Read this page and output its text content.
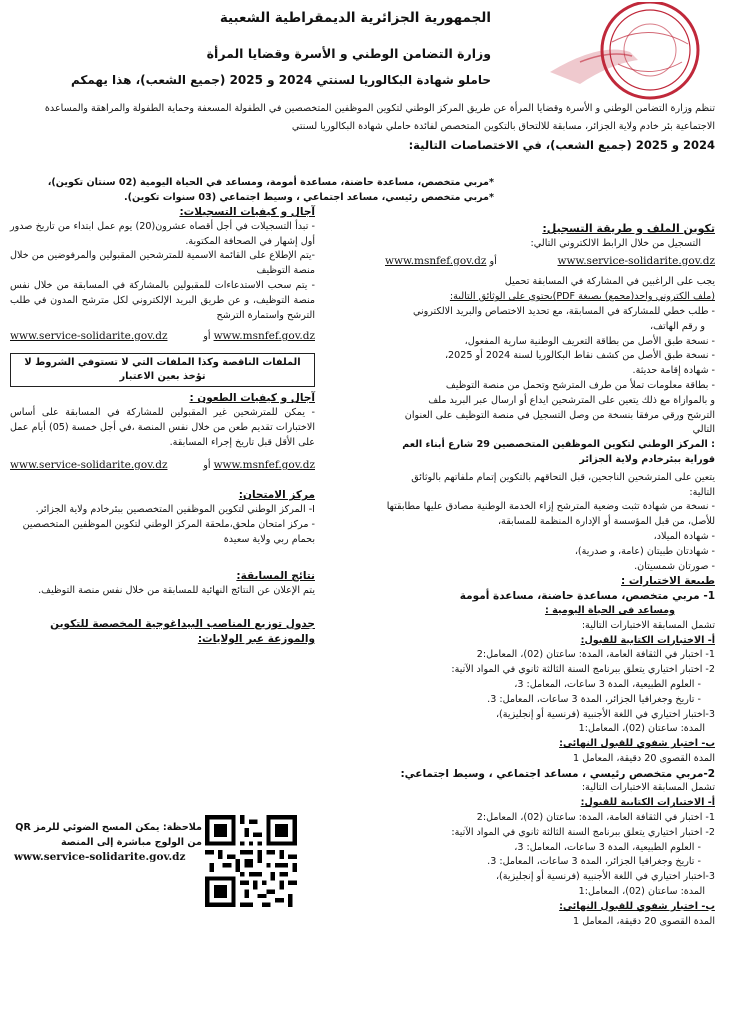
الجمهورية الجزائرية الديمقراطية الشعبية
وزارة التضامن الوطني و الأسرة وقضايا المرأة
حاملو شهادة البكالوريا لسنتي 2024 و 2025 (جميع الشعب)، هذا يهمكم

تنظم وزارة التضامن الوطني و الأسرة وقضايا المرأة عن طريق المركز الوطني لتكوين الموظفين المتخصصين في الطفولة المسعفة وحماية الطفولة والمراهقة والمساعدة الاجتماعية بئر خادم ولاية الجزائر، مسابقة للالتحاق بالتكوين المتخصص لفائدة حاملي شهادة البكالوريا لسنتي

2024 و 2025 (جميع الشعب)، في الاختصاصات التالية:

*مربي متخصص، مساعدة حاضنة، مساعدة أمومة، ومساعد في الحياة اليومية (02 سنتان تكوين)،

*مربي متخصص رئيسي، مساعد اجتماعي ، وسيط اجتماعي (03 سنوات تكوين).

تكوين الملف و طريقة التسجيل:

التسجيل من خلال الرابط الالكتروني التالي:

www.msnfef.gov.dz أو	www.service-solidarite.gov.dz

يجب على الراغبين في المشاركة في المسابقة تحميل

(ملف الكتروني واحد(مجمع) بصيغة PDF)يحتوي على الوثائق التالية:

- طلب خطي للمشاركة في المسابقة، مع تحديد الاختصاص والبريد الالكتروني

و رقم الهاتف،

- نسخة طبق الأصل من بطاقة التعريف الوطنية سارية المفعول،

- نسخة طبق الأصل من كشف نقاط البكالوريا لسنة 2024 أو 2025،

- شهادة إقامة حديثة.

- بطاقة معلومات تملأ من طرف المترشح وتحمل من منصة التوظيف

و بالموازاة مع ذلك يتعين على المترشحين ايداع أو ارسال عبر البريد ملف

الترشح ورقي مرفقا بنسخة من وصل التسجيل في منصة التوظيف على العنوان التالي

: المركز الوطني لتكوين الموظفين المتخصصين 29 شارع أبناء العم قوراية ببئرخادم ولاية الجزائر

يتعين على المترشحين الناجحين، قبل التحاقهم بالتكوين إتمام ملفاتهم بالوثائق التالية:

- نسخة من شهادة تثبت وضعية المترشح إزاء الخدمة الوطنية مصادق عليها مطابقتها للأصل، من قبل المؤسسة أو الإدارة المنظمة للمسابقة،

- شهادة الميلاد،

- شهادتان طبيتان (عامة، و صدرية)،

- صورتان شمسيتان.

طبيعة الاختبارات :

1- مربي متخصص، مساعدة حاضنة، مساعدة أمومة

ومساعد في الحياة اليومية :

تشمل المسابقة الاختبارات التالية:

أ- الاختبارات الكتابية للقبول:

1- اختبار في الثقافة العامة، المدة: ساعتان (02)، المعامل:2

2- اختبار اختياري يتعلق ببرنامج السنة الثالثة ثانوي في المواد الآتية:

- العلوم الطبيعية، المدة 3 ساعات، المعامل: 3،

- تاريخ وجغرافيا الجزائر، المدة 3 ساعات، المعامل: 3.

3-اختبار اختياري في اللغة الأجنبية (فرنسية أو إنجليزية)،

المدة: ساعتان (02)، المعامل:1

ب- اختبار شفوي للقبول النهائي:

المدة القصوى 20 دقيقة، المعامل 1

2-مربي متخصص رئيسي ، مساعد اجتماعي ، وسيط اجتماعي:

تشمل المسابقة الاختبارات التالية:

أ- الاختبارات الكتابية للقبول:

1- اختبار في الثقافة العامة، المدة: ساعتان (02)، المعامل:2

2- اختبار اختياري يتعلق ببرنامج السنة الثالثة ثانوي في المواد الآتية:

- العلوم الطبيعية، المدة 3 ساعات، المعامل: 3،

- تاريخ وجغرافيا الجزائر، المدة 3 ساعات، المعامل: 3.

3-اختبار اختياري في اللغة الأجنبية (فرنسية أو إنجليزية)،

المدة: ساعتان (02)، المعامل:1

ب- اختبار شفوي للقبول النهائي:

المدة القصوى 20 دقيقة، المعامل 1

آجال و كيفيات التسجيلات:

- تبدأ التسجيلات في أجل أقصاه عشرون(20) يوم عمل ابتداء من تاريخ صدور أول إشهار في الصحافة المكتوبة.

-يتم الإطلاع على القائمة الاسمية للمترشحين المقبولين والمرفوضين من خلال منصة التوظيف

- يتم سحب الاستدعاءات للمقبولين بالمشاركة في المسابقة من خلال نفس منصة التوظيف، و عن طريق البريد الإلكتروني لكل مترشح المدون في طلب الترشح واستمارة الترشح

www.service-solidarite.gov.dz	أو www.msnfef.gov.dz
الملفات الناقصة وكذا الملفات التي لا تستوفي الشروط لا تؤخذ بعين الاعتبار

آجال و كيفيات الطعون :

- يمكن للمترشحين غير المقبولين للمشاركة في المسابقة على أساس الاختبارات تقديم طعن من خلال نفس المنصة ،في أجل خمسة (05) أيام عمل على الأقل قبل تاريخ إجراء المسابقة.

www.service-solidarite.gov.dz	أو www.msnfef.gov.dz

مركز الامتحان:

I- المركز الوطني لتكوين الموظفين المتخصصين ببئرخادم ولاية الجزائر.

- مركز امتحان ملحق،ملحقة المركز الوطني لتكوين الموظفين المتخصصين بحمام ربي ولاية سعيدة

نتائج المسابقة:

يتم الإعلان عن النتائج النهائية للمسابقة من خلال نفس منصة التوظيف.

جدول توزيع المناصب البيداغوجية المخصصة للتكوين والموزعة عبر الولايات:

ملاحظة: يمكن المسح الضوئي للرمز QR من الولوج مباشرة إلى المنصة

www.service-solidarite.gov.dz
